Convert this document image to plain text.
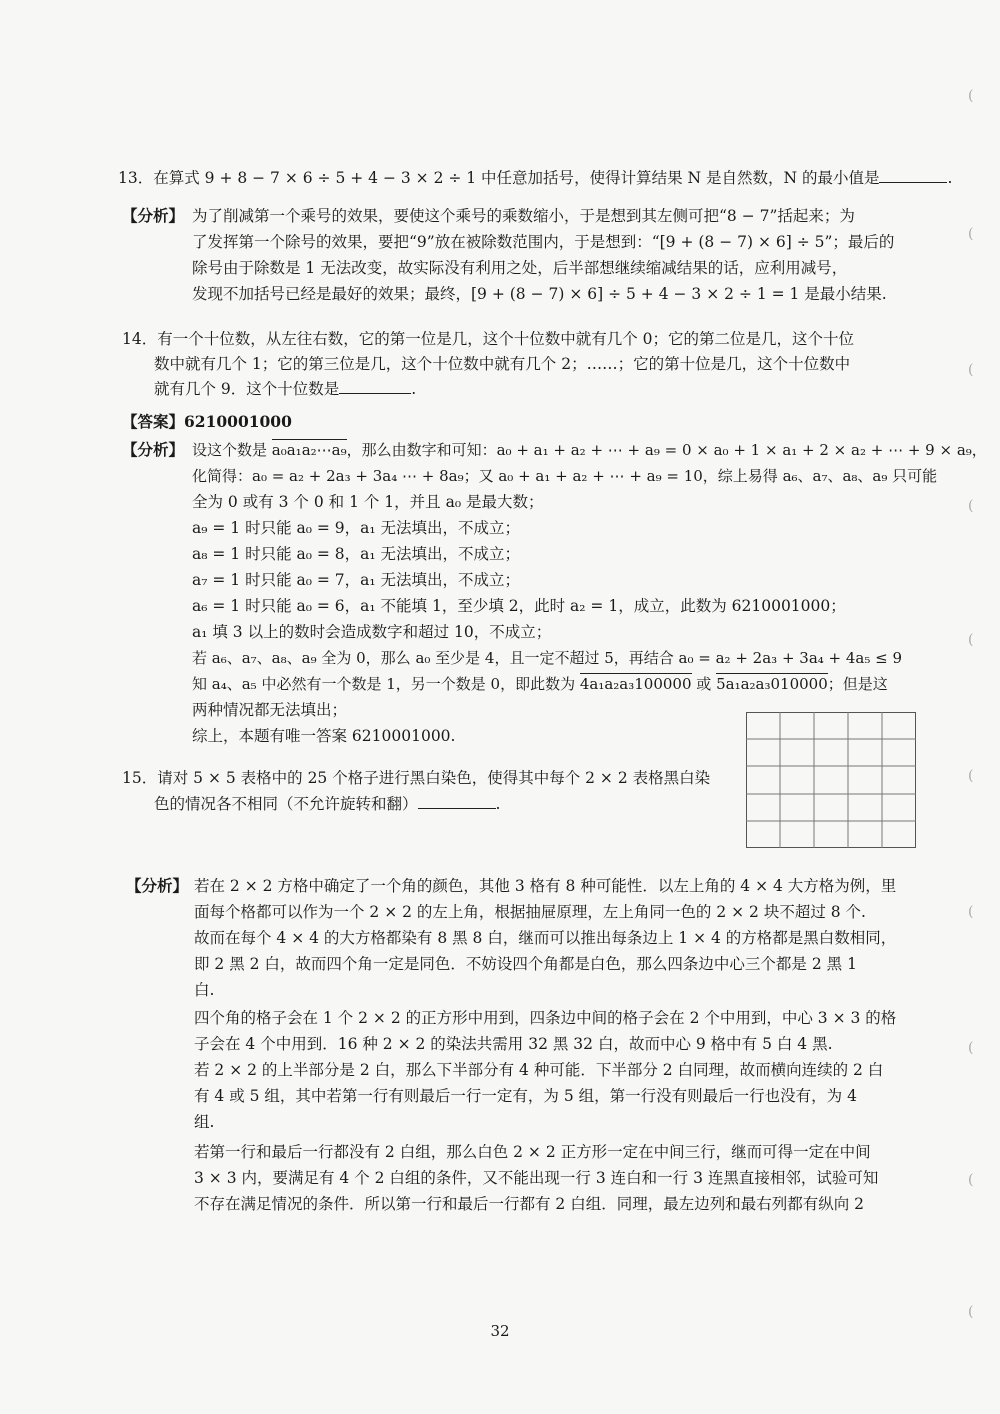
13．在算式 9 + 8 − 7 × 6 ÷ 5 + 4 − 3 × 2 ÷ 1 中任意加括号，使得计算结果 N 是自然数，N 的最小值是	.
【分析】 为了削减第一个乘号的效果，要使这个乘号的乘数缩小，于是想到其左侧可把“8 − 7”括起来；为
了发挥第一个除号的效果，要把“9”放在被除数范围内，于是想到：“[9 + (8 − 7) × 6] ÷ 5”；最后的
除号由于除数是 1 无法改变，故实际没有利用之处，后半部想继续缩减结果的话，应利用减号，
发现不加括号已经是最好的效果；最终，[9 + (8 − 7) × 6] ÷ 5 + 4 − 3 × 2 ÷ 1 = 1 是最小结果.
14．有一个十位数，从左往右数，它的第一位是几，这个十位数中就有几个 0；它的第二位是几，这个十位
数中就有几个 1；它的第三位是几，这个十位数中就有几个 2；……；它的第十位是几，这个十位数中
就有几个 9．这个十位数是	.
【答案】6210001000
【分析】 设这个数是 a₀a₁a₂⋯a₉，那么由数字和可知：a₀ + a₁ + a₂ + ⋯ + a₉ = 0 × a₀ + 1 × a₁ + 2 × a₂ + ⋯ + 9 × a₉，
化简得：a₀ = a₂ + 2a₃ + 3a₄ ⋯ + 8a₉；又 a₀ + a₁ + a₂ + ⋯ + a₉ = 10，综上易得 a₆、a₇、a₈、a₉ 只可能
全为 0 或有 3 个 0 和 1 个 1，并且 a₀ 是最大数；
a₉ = 1 时只能 a₀ = 9，a₁ 无法填出，不成立；
a₈ = 1 时只能 a₀ = 8，a₁ 无法填出，不成立；
a₇ = 1 时只能 a₀ = 7，a₁ 无法填出，不成立；
a₆ = 1 时只能 a₀ = 6，a₁ 不能填 1，至少填 2，此时 a₂ = 1，成立，此数为 6210001000；
a₁ 填 3 以上的数时会造成数字和超过 10，不成立；
若 a₆、a₇、a₈、a₉ 全为 0，那么 a₀ 至少是 4，且一定不超过 5，再结合 a₀ = a₂ + 2a₃ + 3a₄ + 4a₅ ≤ 9
知 a₄、a₅ 中必然有一个数是 1，另一个数是 0，即此数为 4a₁a₂a₃100000 或 5a₁a₂a₃010000；但是这
两种情况都无法填出；
综上，本题有唯一答案 6210001000.
15．请对 5 × 5 表格中的 25 个格子进行黑白染色，使得其中每个 2 × 2 表格黑白染
色的情况各不相同（不允许旋转和翻）	.
【分析】 若在 2 × 2 方格中确定了一个角的颜色，其他 3 格有 8 种可能性．以左上角的 4 × 4 大方格为例，里
面每个格都可以作为一个 2 × 2 的左上角，根据抽屉原理，左上角同一色的 2 × 2 块不超过 8 个.
故而在每个 4 × 4 的大方格都染有 8 黑 8 白，继而可以推出每条边上 1 × 4 的方格都是黑白数相同，
即 2 黑 2 白，故而四个角一定是同色．不妨设四个角都是白色，那么四条边中心三个都是 2 黑 1
白.
四个角的格子会在 1 个 2 × 2 的正方形中用到，四条边中间的格子会在 2 个中用到，中心 3 × 3 的格
子会在 4 个中用到．16 种 2 × 2 的染法共需用 32 黑 32 白，故而中心 9 格中有 5 白 4 黑.
若 2 × 2 的上半部分是 2 白，那么下半部分有 4 种可能．下半部分 2 白同理，故而横向连续的 2 白
有 4 或 5 组，其中若第一行有则最后一行一定有，为 5 组，第一行没有则最后一行也没有，为 4
组.
若第一行和最后一行都没有 2 白组，那么白色 2 × 2 正方形一定在中间三行，继而可得一定在中间
3 × 3 内，要满足有 4 个 2 白组的条件，又不能出现一行 3 连白和一行 3 连黑直接相邻，试验可知
不存在满足情况的条件．所以第一行和最后一行都有 2 白组．同理，最左边列和最右列都有纵向 2
32
(
(
(
(
(
(
(
(
(
(
